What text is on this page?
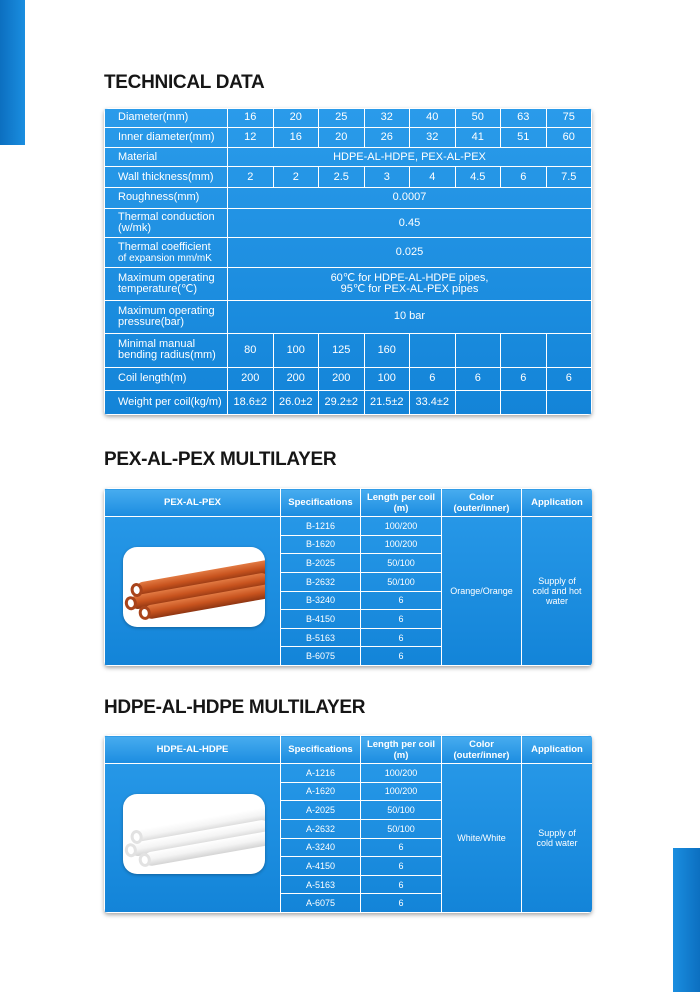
TECHNICAL DATA
Diameter(mm)	16	20	25	32	40	50	63	75
Inner diameter(mm)	12	16	20	26	32	41	51	60
Material	HDPE-AL-HDPE, PEX-AL-PEX							
Wall thickness(mm)	2	2	2.5	3	4	4.5	6	7.5
Roughness(mm)	0.0007							
Thermal conduction
(w/mk)	0.45							
Thermal coefficient
of expansion mm/mK	0.025							
Maximum operating
temperature(℃)	60℃ for HDPE-AL-HDPE pipes,
95℃ for PEX-AL-PEX pipes							
Maximum operating
pressure(bar)	10 bar							
Minimal manual
bending radius(mm)	80	100	125	160				
Coil length(m)	200	200	200	100	6	6	6	6
Weight per coil(kg/m)	18.6±2	26.0±2	29.2±2	21.5±2	33.4±2			
PEX-AL-PEX MULTILAYER
PEX-AL-PEX	Specifications	Length per coil (m)	Color (outer/inner)	Application

	B-1216	100/200	Orange/Orange	Supply of cold and hot water
	B-1620	100/200		
	B-2025	50/100		
	B-2632	50/100		
	B-3240	6		
	B-4150	6		
	B-5163	6		
	B-6075	6		
HDPE-AL-HDPE MULTILAYER
HDPE-AL-HDPE	Specifications	Length per coil (m)	Color (outer/inner)	Application

	A-1216	100/200	White/White	Supply of cold water
	A-1620	100/200		
	A-2025	50/100		
	A-2632	50/100		
	A-3240	6		
	A-4150	6		
	A-5163	6		
	A-6075	6		
